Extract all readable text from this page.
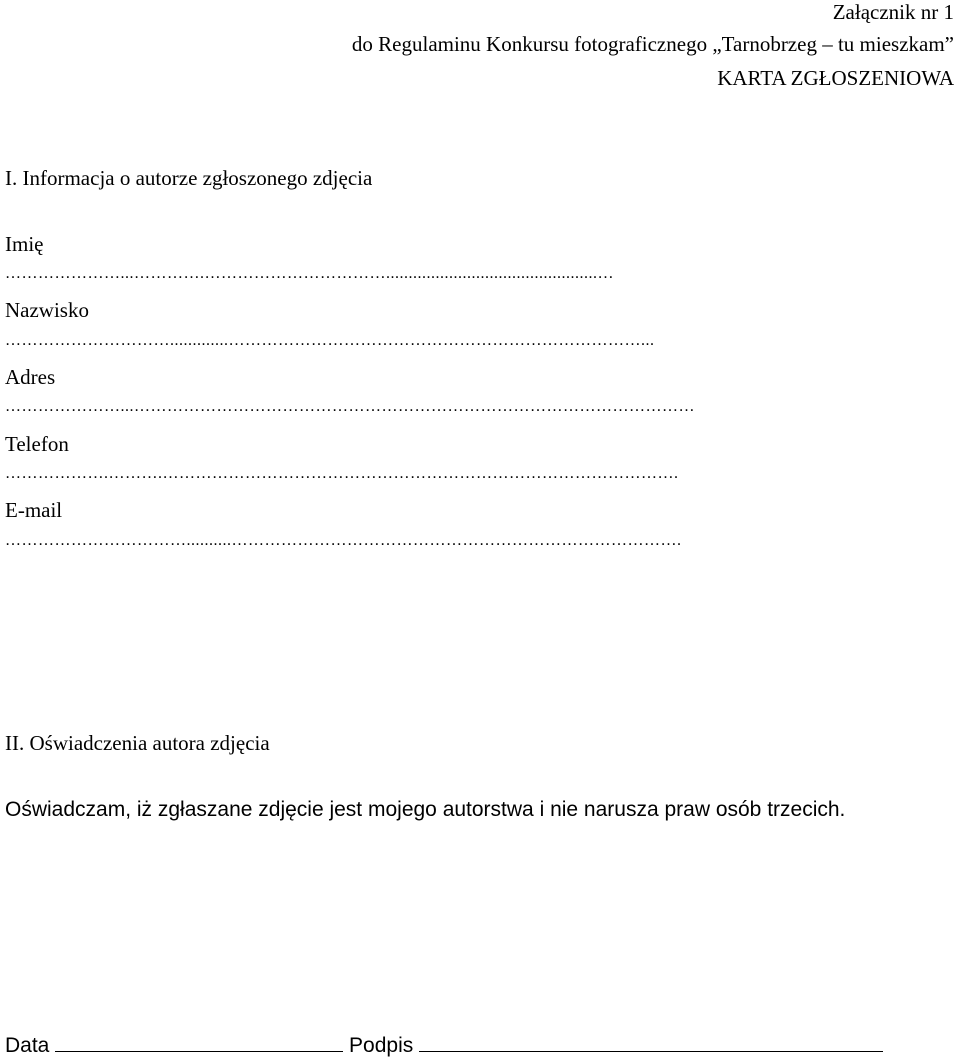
Załącznik nr 1
do Regulaminu Konkursu fotograficznego „Tarnobrzeg – tu mieszkam”
KARTA ZGŁOSZENIOWA
I. Informacja o autorze zgłoszonego zdjęcia
Imię
…………………...………….……………………………...............................................…
Nazwisko
………………………….............…………………………………………………………………...
Adres
…………………...…………………………………………………………………………………………
Telefon
……………….……….………………………………………………………………………………….
E-mail
……………………………..........……………………………………………………………………….
II. Oświadczenia autora zdjęcia
Oświadczam, iż zgłaszane zdjęcie jest mojego autorstwa i nie narusza praw osób trzecich.
Data	Podpis
